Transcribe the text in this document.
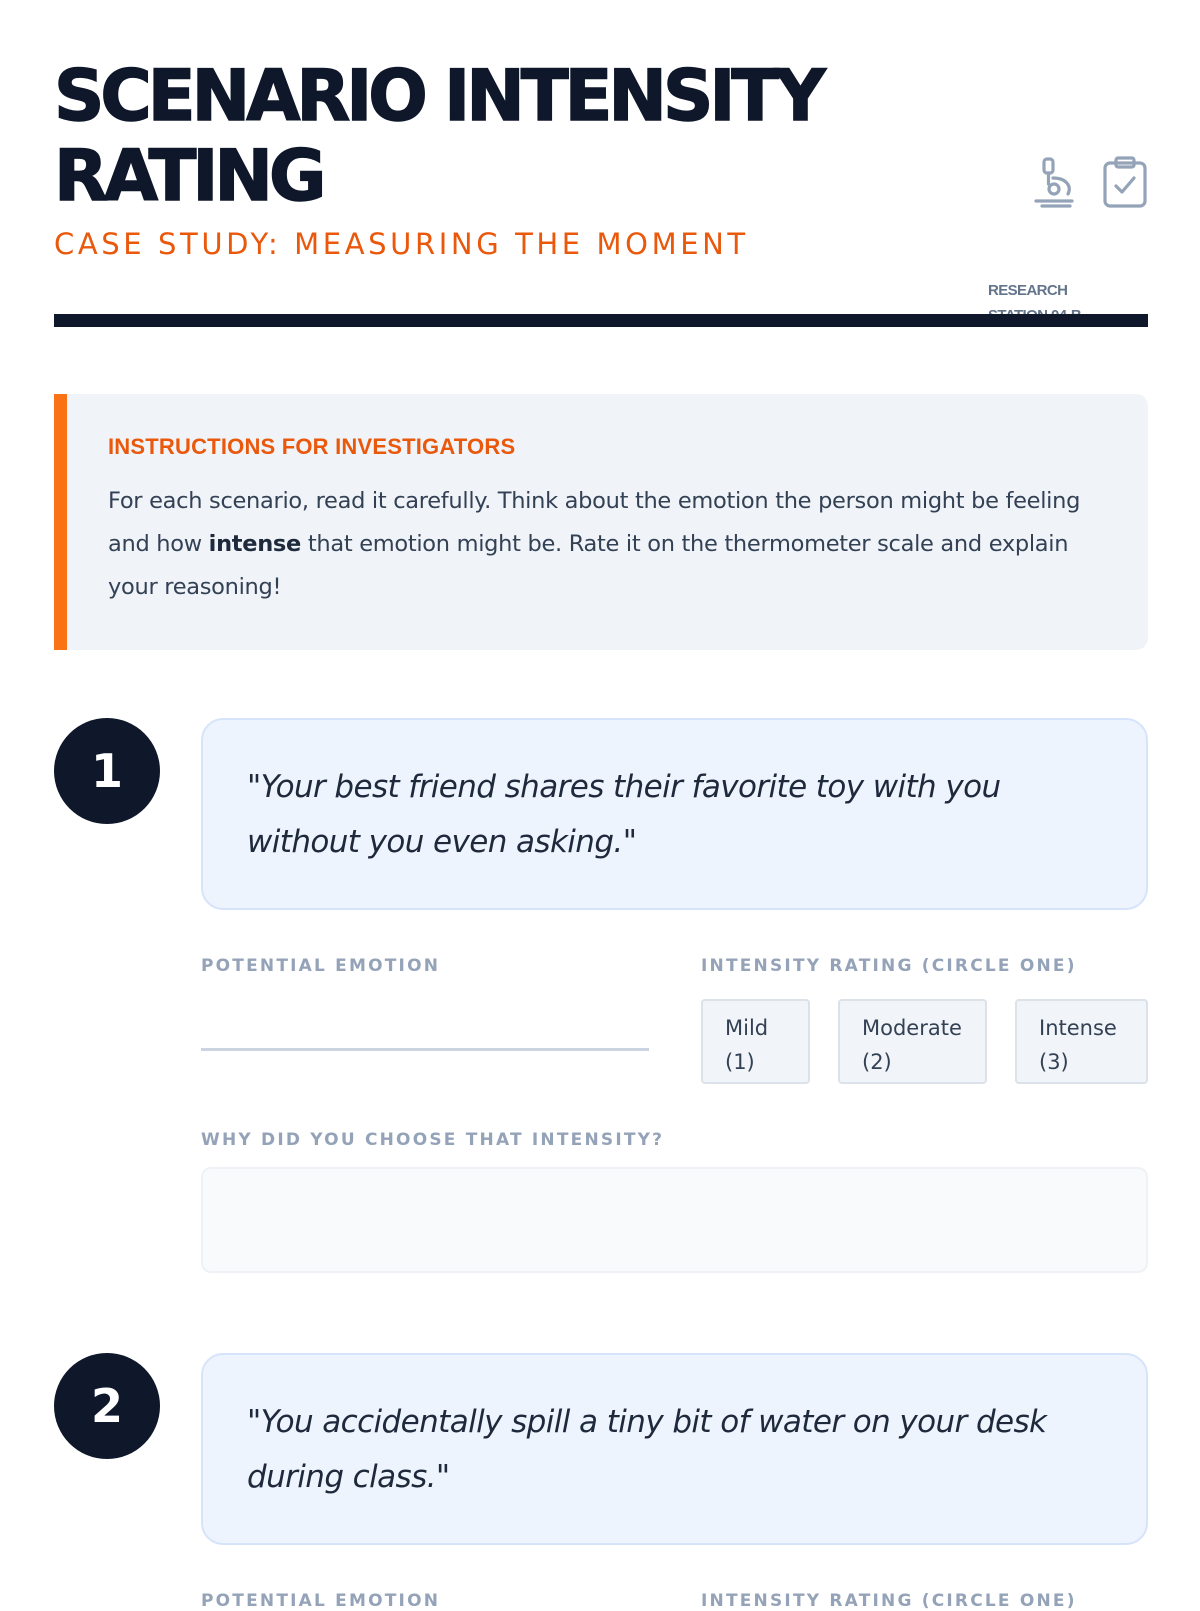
SCENARIO INTENSITY RATING
CASE STUDY: MEASURING THE MOMENT

RESEARCH

INSTRUCTIONS FOR INVESTIGATORS

For each scenario, read it carefully. Think about the emotion the person might be feeling and how intense that emotion might be. Rate it on the thermometer scale and explain your reasoning!

1	"Your best friend shares their favorite toy with you without you even asking."

POTENTIAL EMOTION	INTENSITY RATING (CIRCLE ONE)

Mild
(1)
Moderate
(2)
Intense
(3)

WHY DID YOU CHOOSE THAT INTENSITY?

2	"You accidentally spill a tiny bit of water on your desk during class."

POTENTIAL EMOTION	INTENSITY RATING (CIRCLE ONE)
